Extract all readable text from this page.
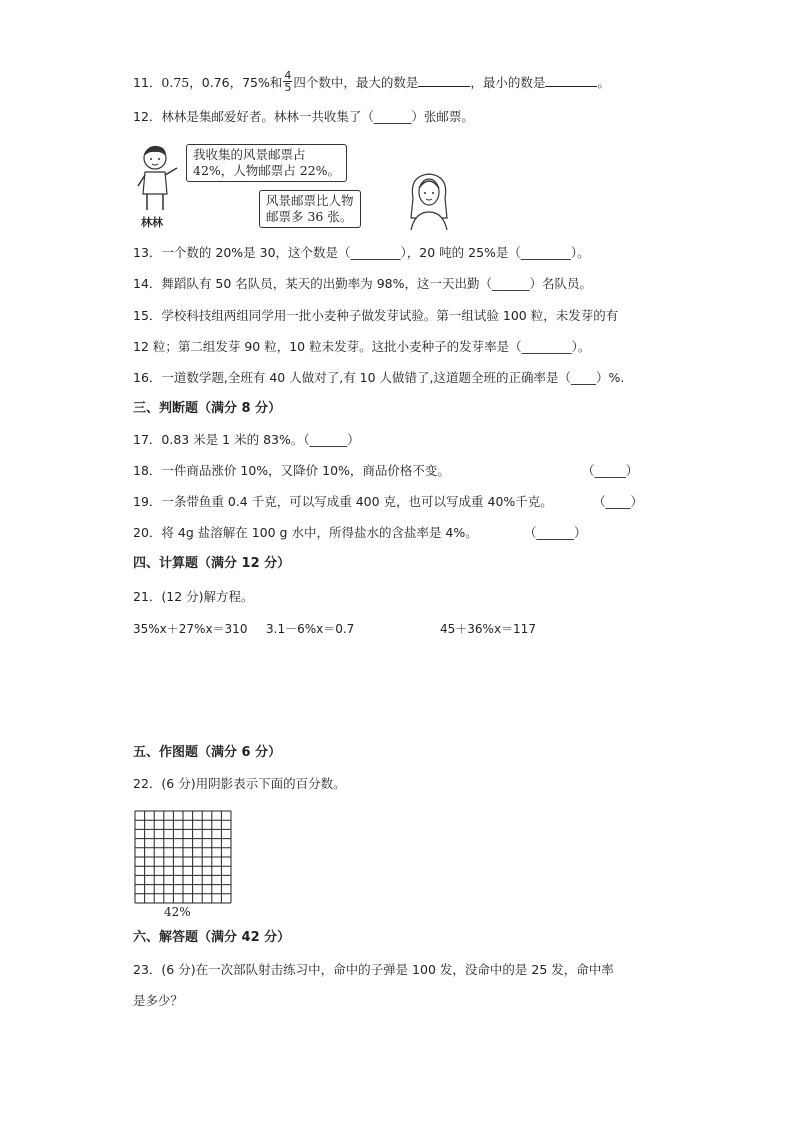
11．0.75，0.76，75%和 $\frac{4}{5}$ 四个数中，最大的数是	，最小的数是	。
12．林林是集邮爱好者。林林一共收集了（______）张邮票。
林林
我收集的风景邮票占
42%，人物邮票占 22%。
风景邮票比人物
邮票多 36 张。
13．一个数的 20%是 30，这个数是（________），20 吨的 25%是（________）。
14．舞蹈队有 50 名队员，某天的出勤率为 98%，这一天出勤（______）名队员。
15．学校科技组两组同学用一批小麦种子做发芽试验。第一组试验 100 粒，未发芽的有
12 粒；第二组发芽 90 粒，10 粒未发芽。这批小麦种子的发芽率是（________）。
16．一道数学题,全班有 40 人做对了,有 10 人做错了,这道题全班的正确率是（____）%.
三、判断题（满分 8 分）
17．0.83 米是 1 米的 83%。（______）
18．一件商品涨价 10%，又降价 10%，商品价格不变。	（_____）
19．一条带鱼重 0.4 千克，可以写成重 400 克，也可以写成重 40%千克。	（____）
20．将 4g 盐溶解在 100 g 水中，所得盐水的含盐率是 4%。	（______）
四、计算题（满分 12 分）
21．(12 分)解方程。
35%x＋27%x＝310 3.1－6%x＝0.7	45＋36%x＝117
五、作图题（满分 6 分）
22．(6 分)用阴影表示下面的百分数。
42%
六、解答题（满分 42 分）
23．(6 分)在一次部队射击练习中，命中的子弹是 100 发，没命中的是 25 发，命中率
是多少？
